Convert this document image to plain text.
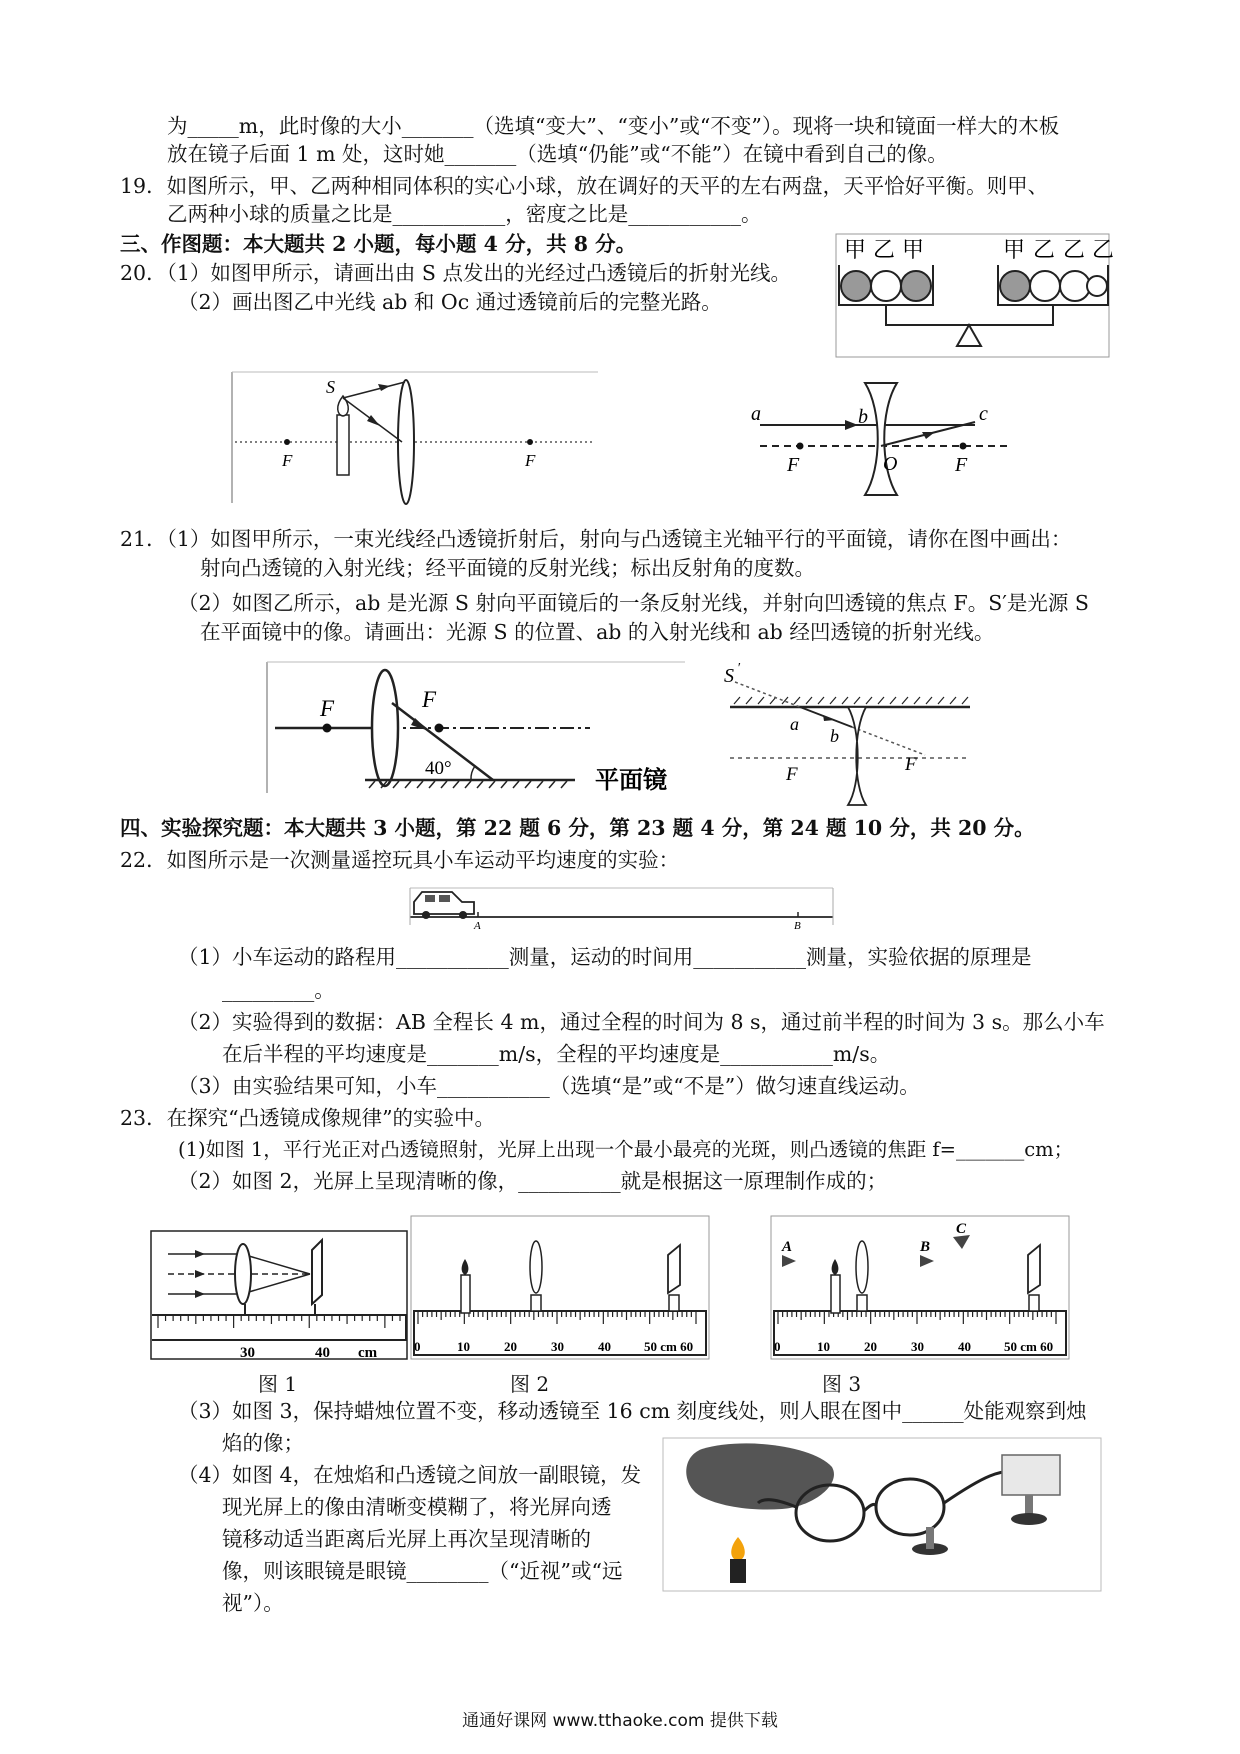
为_____m，此时像的大小_______（选填“变大”、“变小”或“不变”）。现将一块和镜面一样大的木板
放在镜子后面 1 m 处，这时她_______（选填“仍能”或“不能”）在镜中看到自己的像。
19．如图所示，甲、乙两种相同体积的实心小球，放在调好的天平的左右两盘，天平恰好平衡。则甲、
乙两种小球的质量之比是___________，密度之比是___________。
三、作图题：本大题共 2 小题，每小题 4 分，共 8 分。
20．（1）如图甲所示，请画出由 S 点发出的光经过凸透镜后的折射光线。
（2）画出图乙中光线 ab 和 Oc 通过透镜前后的完整光路。
21．（1）如图甲所示，一束光线经凸透镜折射后，射向与凸透镜主光轴平行的平面镜，请你在图中画出：
射向凸透镜的入射光线；经平面镜的反射光线；标出反射角的度数。
（2）如图乙所示，ab 是光源 S 射向平面镜后的一条反射光线，并射向凹透镜的焦点 F。S′是光源 S
在平面镜中的像。请画出：光源 S 的位置、ab 的入射光线和 ab 经凹透镜的折射光线。
四、实验探究题：本大题共 3 小题，第 22 题 6 分，第 23 题 4 分，第 24 题 10 分，共 20 分。
22．如图所示是一次测量遥控玩具小车运动平均速度的实验：
（1）小车运动的路程用___________测量，运动的时间用___________测量，实验依据的原理是
_________。
（2）实验得到的数据：AB 全程长 4 m，通过全程的时间为 8 s，通过前半程的时间为 3 s。那么小车
在后半程的平均速度是_______m/s，全程的平均速度是___________m/s。
（3）由实验结果可知，小车___________（选填“是”或“不是”）做匀速直线运动。
23．在探究“凸透镜成像规律”的实验中。
(1)如图 1，平行光正对凸透镜照射，光屏上出现一个最小最亮的光斑，则凸透镜的焦距 f=_______cm；
（2）如图 2，光屏上呈现清晰的像，__________就是根据这一原理制作成的；
（3）如图 3，保持蜡烛位置不变，移动透镜至 16 cm 刻度线处，则人眼在图中______处能观察到烛
焰的像；
（4）如图 4，在烛焰和凸透镜之间放一副眼镜，发
现光屏上的像由清晰变模糊了，将光屏向透
镜移动适当距离后光屏上再次呈现清晰的
像，则该眼镜是眼镜________（“近视”或“远
视”）。
甲 乙 甲	甲 乙 乙 乙
F	F
S
a	b
O
c
F	F
F	F
40°	平面镜
S ′
a
b
F	F
A	B
30	40 cm	0	10	20	30	40	50 cm 60	0	10	20	30	40	50 cm 60
A	B
C
图 1	图 2	图 3
通通好课网 www.tthaoke.com 提供下载
